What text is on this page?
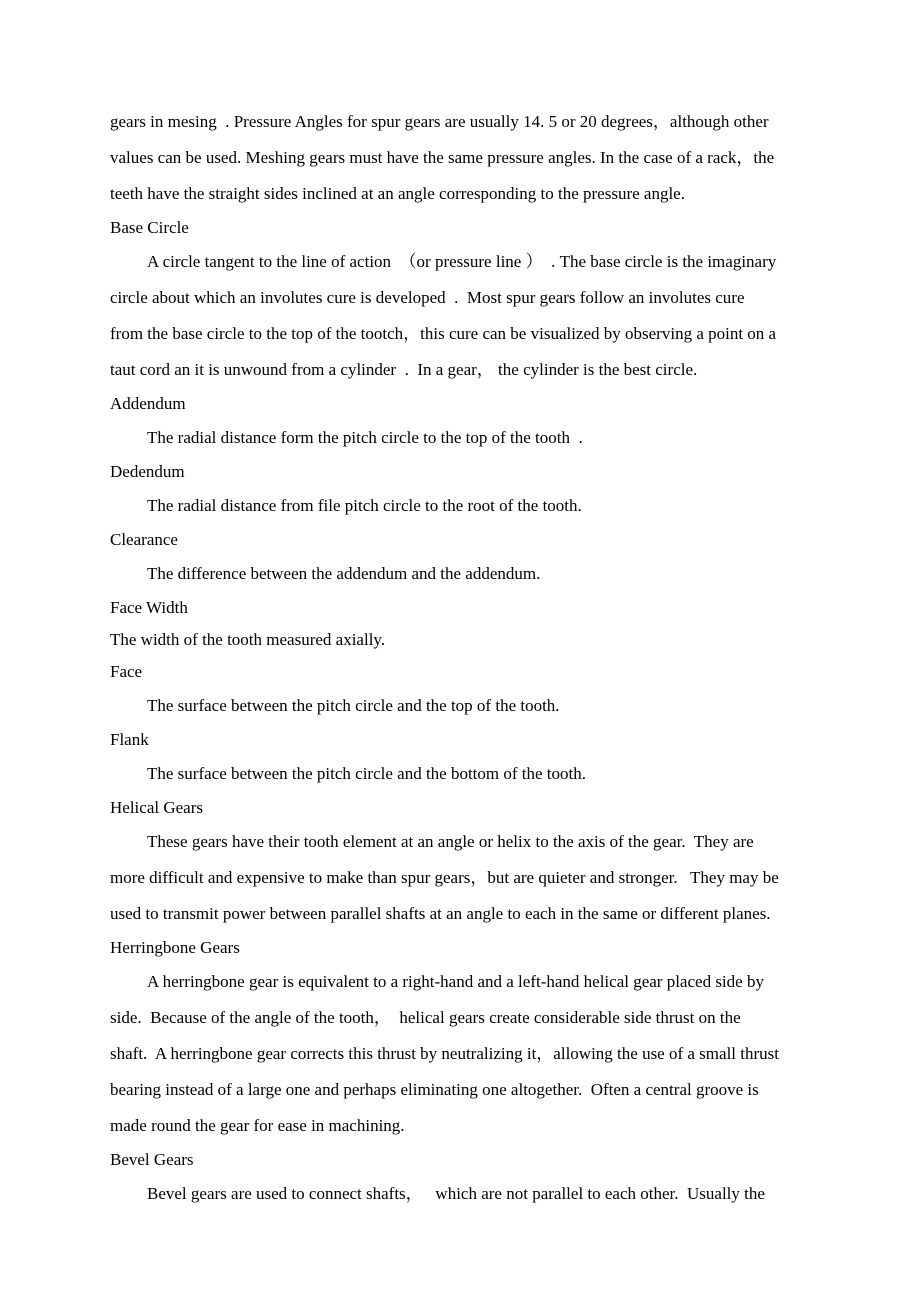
gears in mesing  . Pressure Angles for spur gears are usually 14. 5 or 20 degrees，although other
values can be used. Meshing gears must have the same pressure angles. In the case of a rack，the
teeth have the straight sides inclined at an angle corresponding to the pressure angle.
Base Circle
A circle tangent to the line of action  （or pressure line ）  . The base circle is the imaginary
circle about which an involutes cure is developed  .  Most spur gears follow an involutes cure
from the base circle to the top of the tootch，this cure can be visualized by observing a point on a
taut cord an it is unwound from a cylinder  .  In a gear， the cylinder is the best circle.
Addendum
The radial distance form the pitch circle to the top of the tooth  .
Dedendum
The radial distance from file pitch circle to the root of the tooth.
Clearance
The difference between the addendum and the addendum.
Face Width
The width of the tooth measured axially.
Face
The surface between the pitch circle and the top of the tooth.
Flank
The surface between the pitch circle and the bottom of the tooth.
Helical Gears
These gears have their tooth element at an angle or helix to the axis of the gear.  They are
more difficult and expensive to make than spur gears，but are quieter and stronger.   They may be
used to transmit power between parallel shafts at an angle to each in the same or different planes.
Herringbone Gears
A herringbone gear is equivalent to a right-hand and a left-hand helical gear placed side by
side.  Because of the angle of the tooth，  helical gears create considerable side thrust on the
shaft.  A herringbone gear corrects this thrust by neutralizing it，allowing the use of a small thrust
bearing instead of a large one and perhaps eliminating one altogether.  Often a central groove is
made round the gear for ease in machining.
Bevel Gears
Bevel gears are used to connect shafts，   which are not parallel to each other.  Usually the
